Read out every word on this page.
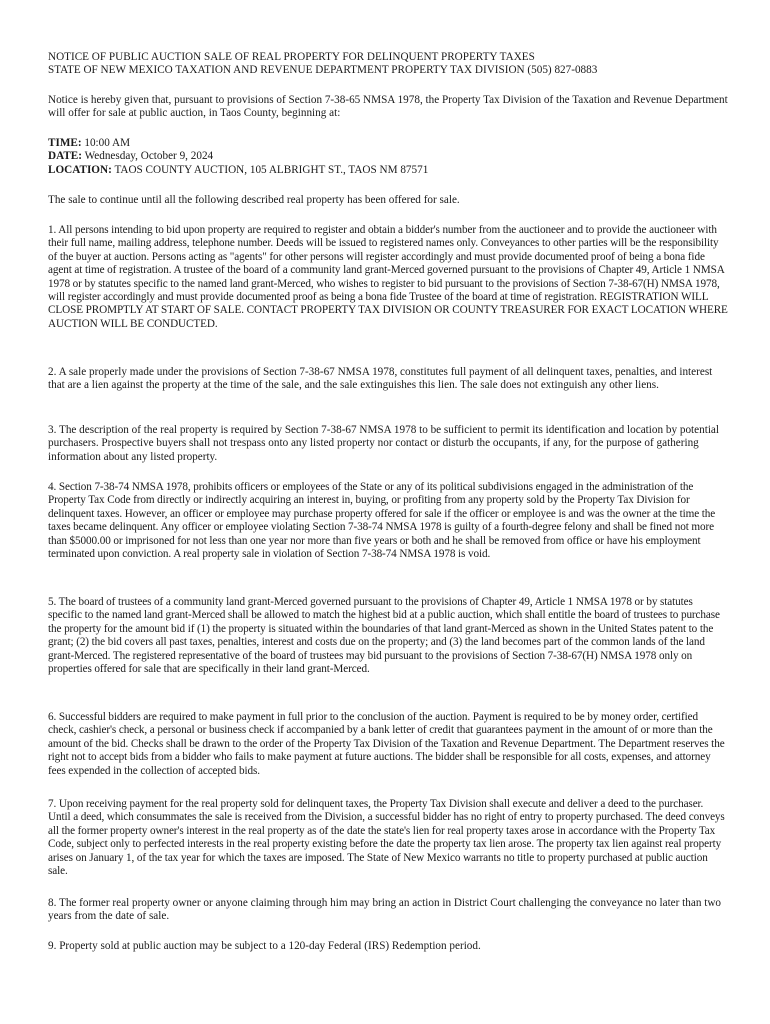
NOTICE OF PUBLIC AUCTION SALE OF REAL PROPERTY FOR DELINQUENT PROPERTY TAXES
STATE OF NEW MEXICO TAXATION AND REVENUE DEPARTMENT PROPERTY TAX DIVISION (505) 827-0883

Notice is hereby given that, pursuant to provisions of Section 7-38-65 NMSA 1978, the Property Tax Division of the Taxation and Revenue Department will offer for sale at public auction, in Taos County, beginning at:

TIME: 10:00 AM
DATE: Wednesday, October 9, 2024
LOCATION: TAOS COUNTY AUCTION, 105 ALBRIGHT ST., TAOS NM 87571

The sale to continue until all the following described real property has been offered for sale.

1. All persons intending to bid upon property are required to register and obtain a bidder's number from the auctioneer and to provide the auctioneer with their full name, mailing address, telephone number. Deeds will be issued to registered names only. Conveyances to other parties will be the responsibility of the buyer at auction. Persons acting as "agents" for other persons will register accordingly and must provide documented proof of being a bona fide agent at time of registration. A trustee of the board of a community land grant-Merced governed pursuant to the provisions of Chapter 49, Article 1 NMSA 1978 or by statutes specific to the named land grant-Merced, who wishes to register to bid pursuant to the provisions of Section 7-38-67(H) NMSA 1978, will register accordingly and must provide documented proof as being a bona fide Trustee of the board at time of registration. REGISTRATION WILL CLOSE PROMPTLY AT START OF SALE. CONTACT PROPERTY TAX DIVISION OR COUNTY TREASURER FOR EXACT LOCATION WHERE AUCTION WILL BE CONDUCTED.

2. A sale properly made under the provisions of Section 7-38-67 NMSA 1978, constitutes full payment of all delinquent taxes, penalties, and interest that are a lien against the property at the time of the sale, and the sale extinguishes this lien. The sale does not extinguish any other liens.

3. The description of the real property is required by Section 7-38-67 NMSA 1978 to be sufficient to permit its identification and location by potential purchasers. Prospective buyers shall not trespass onto any listed property nor contact or disturb the occupants, if any, for the purpose of gathering information about any listed property.

4. Section 7-38-74 NMSA 1978, prohibits officers or employees of the State or any of its political subdivisions engaged in the administration of the Property Tax Code from directly or indirectly acquiring an interest in, buying, or profiting from any property sold by the Property Tax Division for delinquent taxes. However, an officer or employee may purchase property offered for sale if the officer or employee is and was the owner at the time the taxes became delinquent. Any officer or employee violating Section 7-38-74 NMSA 1978 is guilty of a fourth-degree felony and shall be fined not more than $5000.00 or imprisoned for not less than one year nor more than five years or both and he shall be removed from office or have his employment terminated upon conviction. A real property sale in violation of Section 7-38-74 NMSA 1978 is void.

5. The board of trustees of a community land grant-Merced governed pursuant to the provisions of Chapter 49, Article 1 NMSA 1978 or by statutes specific to the named land grant-Merced shall be allowed to match the highest bid at a public auction, which shall entitle the board of trustees to purchase the property for the amount bid if (1) the property is situated within the boundaries of that land grant-Merced as shown in the United States patent to the grant; (2) the bid covers all past taxes, penalties, interest and costs due on the property; and (3) the land becomes part of the common lands of the land grant-Merced. The registered representative of the board of trustees may bid pursuant to the provisions of Section 7-38-67(H) NMSA 1978 only on properties offered for sale that are specifically in their land grant-Merced.

6. Successful bidders are required to make payment in full prior to the conclusion of the auction. Payment is required to be by money order, certified check, cashier's check, a personal or business check if accompanied by a bank letter of credit that guarantees payment in the amount of or more than the amount of the bid. Checks shall be drawn to the order of the Property Tax Division of the Taxation and Revenue Department. The Department reserves the right not to accept bids from a bidder who fails to make payment at future auctions. The bidder shall be responsible for all costs, expenses, and attorney fees expended in the collection of accepted bids.

7. Upon receiving payment for the real property sold for delinquent taxes, the Property Tax Division shall execute and deliver a deed to the purchaser. Until a deed, which consummates the sale is received from the Division, a successful bidder has no right of entry to property purchased. The deed conveys all the former property owner's interest in the real property as of the date the state's lien for real property taxes arose in accordance with the Property Tax Code, subject only to perfected interests in the real property existing before the date the property tax lien arose. The property tax lien against real property arises on January 1, of the tax year for which the taxes are imposed. The State of New Mexico warrants no title to property purchased at public auction sale.

8. The former real property owner or anyone claiming through him may bring an action in District Court challenging the conveyance no later than two years from the date of sale.

9. Property sold at public auction may be subject to a 120-day Federal (IRS) Redemption period.
